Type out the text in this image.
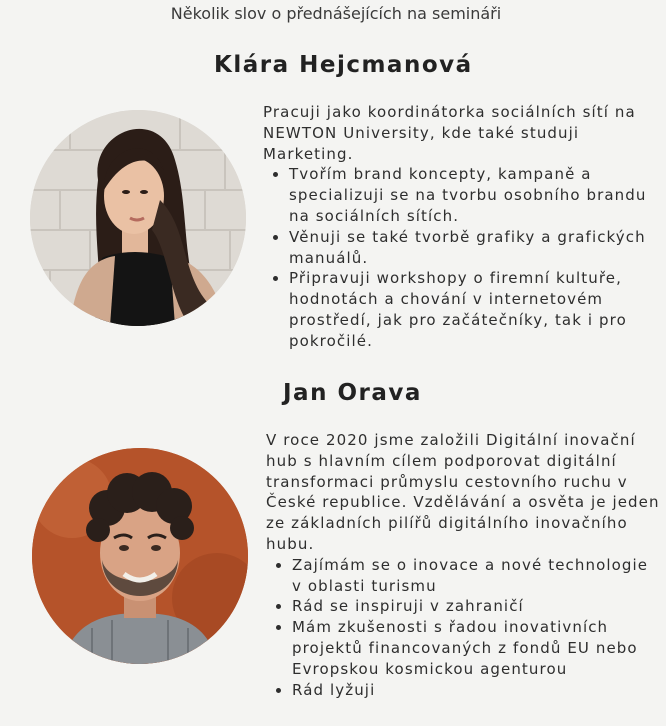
Několik slov o přednášejících na semináři
Klára Hejcmanová

Pracuji jako koordinátorka sociálních sítí na NEWTON University, kde také studuji Marketing.

• Tvořím brand koncepty, kampaně a specializuji se na tvorbu osobního brandu na sociálních sítích.
• Věnuji se také tvorbě grafiky a grafických manuálů.
• Připravuji workshopy o firemní kultuře, hodnotách a chování v internetovém prostředí, jak pro začátečníky, tak i pro pokročilé.
Jan Orava

V roce 2020 jsme založili Digitální inovační hub s hlavním cílem podporovat digitální transformaci průmyslu cestovního ruchu v České republice. Vzdělávání a osvěta je jeden ze základních pilířů digitálního inovačního hubu.

• Zajímám se o inovace a nové technologie v oblasti turismu
• Rád se inspiruji v zahraničí
• Mám zkušenosti s řadou inovativních projektů financovaných z fondů EU nebo Evropskou kosmickou agenturou
• Rád lyžuji
